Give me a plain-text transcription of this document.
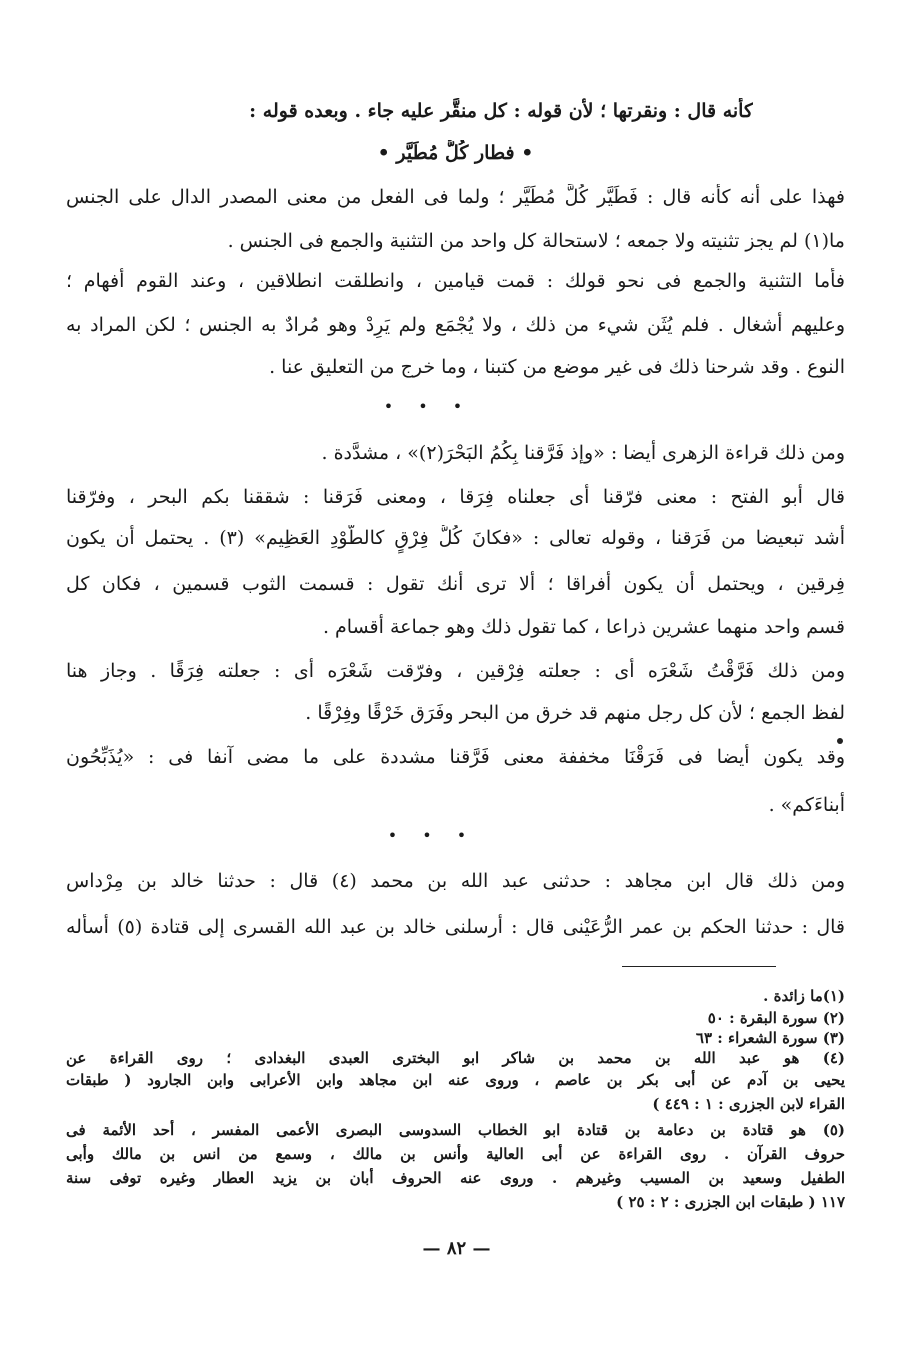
كأنه قال : ونقرتها ؛ لأن قوله : كل منقَّر عليه جاء . وبعده قوله :
• فطار كُلُّ مُطَيَّر •
فهذا على أنه كأنه قال : فَطَيَّر كُلَّ مُطَيَّر ؛ ولما فى الفعل من معنى المصدر الدال على الجنس
ما(١) لم يجز تثنيته ولا جمعه ؛ لاستحالة كل واحد من التثنية والجمع فى الجنس .
فأما التثنية والجمع فى نحو قولك : قمت قيامين ، وانطلقت انطلاقين ، وعند القوم أفهام ؛
وعليهم أشغال . فلم يُثَن شيء من ذلك ، ولا يُجْمَع ولم يَرِدْ وهو مُرادٌ به الجنس ؛ لكن المراد به
النوع . وقد شرحنا ذلك فى غير موضع من كتبنا ، وما خرج من التعليق عنا .
• • •
ومن ذلك قراءة الزهرى أيضا : «وإذ فَرَّقنا بِكُمُ البَحْرَ(٢)» ، مشدَّدة .
قال أبو الفتح : معنى فرّقنا أى جعلناه فِرَقا ، ومعنى فَرَقنا : شققنا بكم البحر ، وفرّقنا
أشد تبعيضا من فَرَقنا ، وقوله تعالى : «فكانَ كُلُّ فِرْقٍ كالطَّوْدِ العَظِيم» (٣) . يحتمل أن يكون
فِرقين ، ويحتمل أن يكون أفراقا ؛ ألا ترى أنك تقول : قسمت الثوب قسمين ، فكان كل
قسم واحد منهما عشرين ذراعا ، كما تقول ذلك وهو جماعة أقسام .
ومن ذلك فَرَّقْتُ شَعْرَه أى : جعلته فِرْقين ، وفرّقت شَعْرَه أى : جعلته فِرَقًا . وجاز هنا
لفظ الجمع ؛ لأن كل رجل منهم قد خرق من البحر وفَرَق خَرْقًا وفِرْقًا .
وقد يكون أيضا فى فَرَقْنَا مخففة معنى فَرَّقنا مشددة على ما مضى آنفا فى : «يُذَبِّحُون
أبناءَكم» .
• • •
ومن ذلك قال ابن مجاهد : حدثنى عبد الله بن محمد (٤) قال : حدثنا خالد بن مِرْداس
قال : حدثنا الحكم بن عمر الرُّعَيْنى قال : أرسلنى خالد بن عبد الله القسرى إلى قتادة (٥) أسأله
(١)ما زائدة .
(٢) سورة البقرة : ٥٠
(٣) سورة الشعراء : ٦٣
(٤) هو عبد الله بن محمد بن شاكر ابو البخترى العبدى البغدادى ؛ روى القراءة عن
يحيى بن آدم عن أبى بكر بن عاصم ، وروى عنه ابن مجاهد وابن الأعرابى وابن الجارود ( طبقات
القراء لابن الجزرى : ١ : ٤٤٩ )
(٥) هو قتادة بن دعامة بن قتادة ابو الخطاب السدوسى البصرى الأعمى المفسر ، أحد الأئمة فى
حروف القرآن . روى القراءة عن أبى العالية وأنس بن مالك ، وسمع من انس بن مالك وأبى
الطفيل وسعيد بن المسيب وغيرهم . وروى عنه الحروف أبان بن يزيد العطار وغيره توفى سنة
١١٧ ( طبقات ابن الجزرى : ٢ : ٢٥ )
— ٨٢ —
